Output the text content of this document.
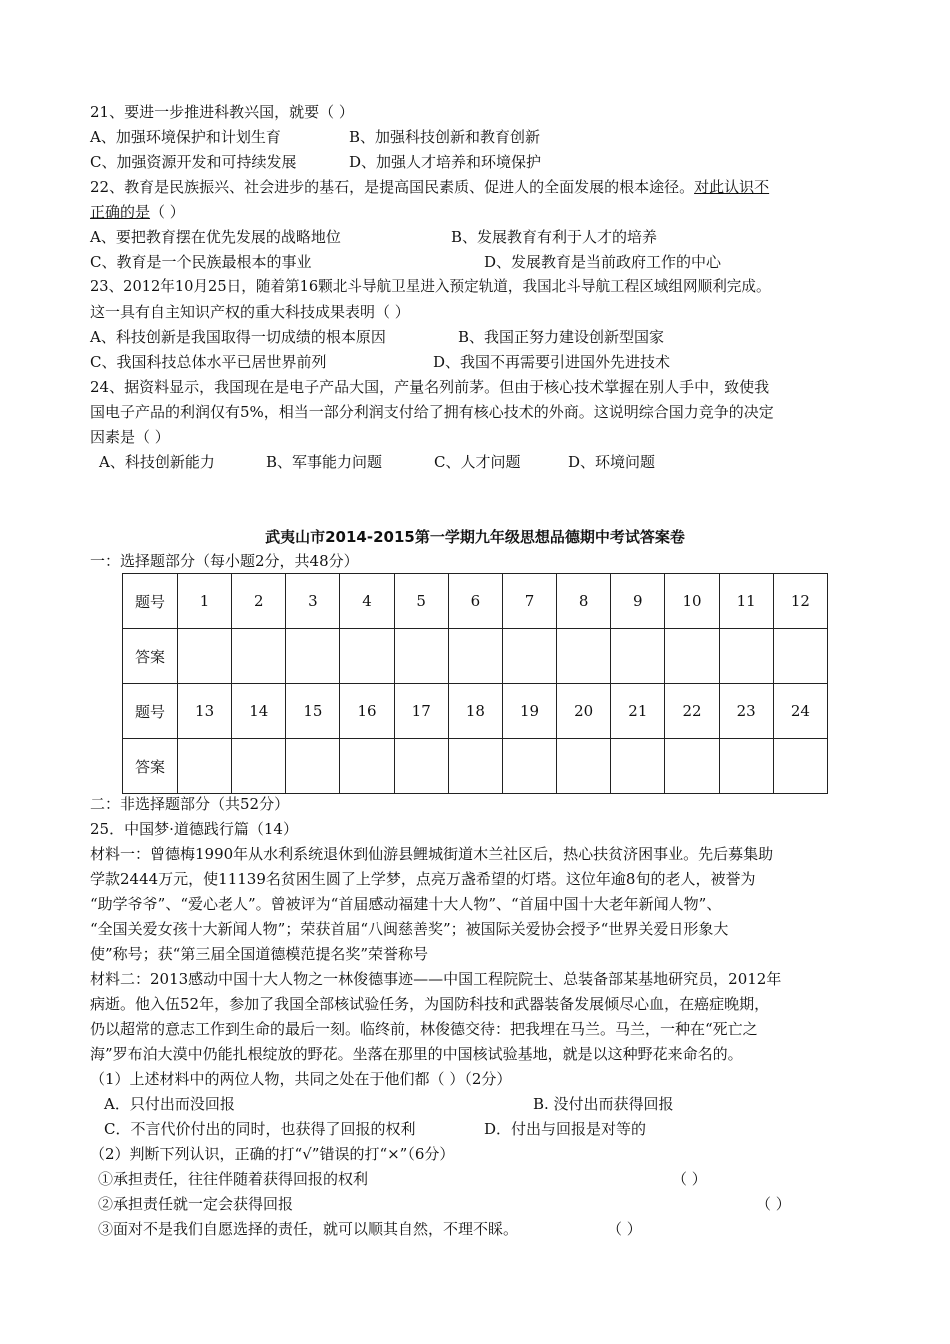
21、要进一步推进科教兴国，就要（ ）
A、加强环境保护和计划生育	B、加强科技创新和教育创新
C、加强资源开发和可持续发展	D、加强人才培养和环境保护
22、教育是民族振兴、社会进步的基石，是提高国民素质、促进人的全面发展的根本途径。对此认识不
正确的是（ ）
A、要把教育摆在优先发展的战略地位	B、发展教育有利于人才的培养
C、教育是一个民族最根本的事业	D、发展教育是当前政府工作的中心
23、2012年10月25日，随着第16颗北斗导航卫星进入预定轨道，我国北斗导航工程区域组网顺利完成。
这一具有自主知识产权的重大科技成果表明（ ）
A、科技创新是我国取得一切成绩的根本原因	B、我国正努力建设创新型国家
C、我国科技总体水平已居世界前列	D、我国不再需要引进国外先进技术
24、据资料显示，我国现在是电子产品大国，产量名列前茅。但由于核心技术掌握在别人手中，致使我
国电子产品的利润仅有5%，相当一部分利润支付给了拥有核心技术的外商。这说明综合国力竞争的决定
因素是（ ）
A、科技创新能力	B、军事能力问题	C、人才问题	D、环境问题
武夷山市2014-2015第一学期九年级思想品德期中考试答案卷
一：选择题部分（每小题2分，共48分）
题号	1	2	3	4	5	6	7	8	9	10	11	12
答案												
题号	13	14	15	16	17	18	19	20	21	22	23	24
答案												
二：非选择题部分（共52分）
25．中国梦·道德践行篇（14）
材料一：曾德梅1990年从水利系统退休到仙游县鲤城街道木兰社区后，热心扶贫济困事业。先后募集助
学款2444万元，使11139名贫困生圆了上学梦，点亮万盏希望的灯塔。这位年逾8旬的老人，被誉为
“助学爷爷”、“爱心老人”。曾被评为“首届感动福建十大人物”、“首届中国十大老年新闻人物”、
“全国关爱女孩十大新闻人物”；荣获首届“八闽慈善奖”；被国际关爱协会授予“世界关爱日形象大
使”称号；获“第三届全国道德模范提名奖”荣誉称号
材料二：2013感动中国十大人物之一林俊德事迹——中国工程院院士、总装备部某基地研究员，2012年
病逝。他入伍52年，参加了我国全部核试验任务，为国防科技和武器装备发展倾尽心血，在癌症晚期，
仍以超常的意志工作到生命的最后一刻。临终前，林俊德交待：把我埋在马兰。马兰，一种在“死亡之
海”罗布泊大漠中仍能扎根绽放的野花。坐落在那里的中国核试验基地，就是以这种野花来命名的。
（1）上述材料中的两位人物，共同之处在于他们都（ ）（2分）
A．只付出而没回报	B. 没付出而获得回报
C．不言代价付出的同时，也获得了回报的权利	D．付出与回报是对等的
（2）判断下列认识，正确的打“√”错误的打“×”（6分）
①承担责任，往往伴随着获得回报的权利	（ ）
②承担责任就一定会获得回报	（ ）
③面对不是我们自愿选择的责任，就可以顺其自然，不理不睬。	（ ）
